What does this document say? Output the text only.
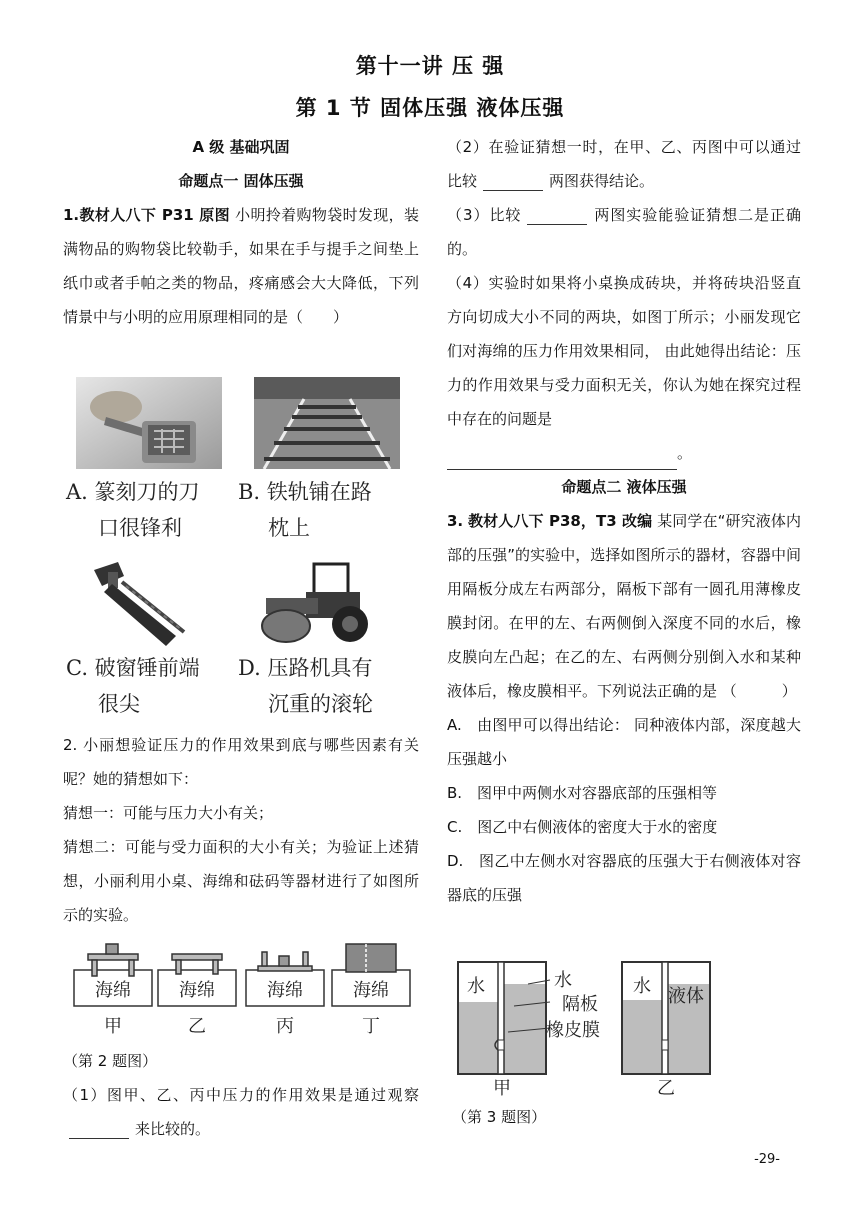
第十一讲 压 强
第 1 节 固体压强 液体压强
A 级 基础巩固
命题点一 固体压强

1.教材人八下 P31 原图 小明拎着购物袋时发现，装满物品的购物袋比较勒手，如果在手与提手之间垫上纸巾或者手帕之类的物品，疼痛感会大大降低，下列情景中与小明的应用原理相同的是（　　）

A. 篆刻刀的刀
口很锋利
B. 铁轨铺在路
枕上
C. 破窗锤前端
很尖
D. 压路机具有
沉重的滚轮

2. 小丽想验证压力的作用效果到底与哪些因素有关呢？她的猜想如下：

猜想一：可能与压力大小有关；

猜想二：可能与受力面积的大小有关；为验证上述猜想，小丽利用小桌、海绵和砝码等器材进行了如图所示的实验。

海绵	海绵	海绵	海绵
甲	乙	丙	丁
（第 2 题图）

（1）图甲、乙、丙中压力的作用效果是通过观察来比较的。

（2）在验证猜想一时，在甲、乙、丙图中可以通过比较	两图获得结论。

（3）比较	两图实验能验证猜想二是正确的。

（4）实验时如果将小桌换成砖块，并将砖块沿竖直方向切成大小不同的两块，如图丁所示；小丽发现它们对海绵的压力作用效果相同， 由此她得出结论：压力的作用效果与受力面积无关，你认为她在探究过程中存在的问题是
。

命题点二 液体压强

3. 教材人八下 P38，T3 改编 某同学在“研究液体内部的压强”的实验中，选择如图所示的器材，容器中间用隔板分成左右两部分，隔板下部有一圆孔用薄橡皮膜封闭。在甲的左、右两侧倒入深度不同的水后，橡皮膜向左凸起；在乙的左、右两侧分别倒入水和某种液体后，橡皮膜相平。下列说法正确的是 （　　　）

A.　由图甲可以得出结论： 同种液体内部，深度越大压强越小

B.　图甲中两侧水对容器底部的压强相等

C.　图乙中右侧液体的密度大于水的密度

D.　图乙中左侧水对容器底的压强大于右侧液体对容器底的压强

水	水
隔板
橡皮膜
甲
水 液体
乙
（第 3 题图）
-29-
